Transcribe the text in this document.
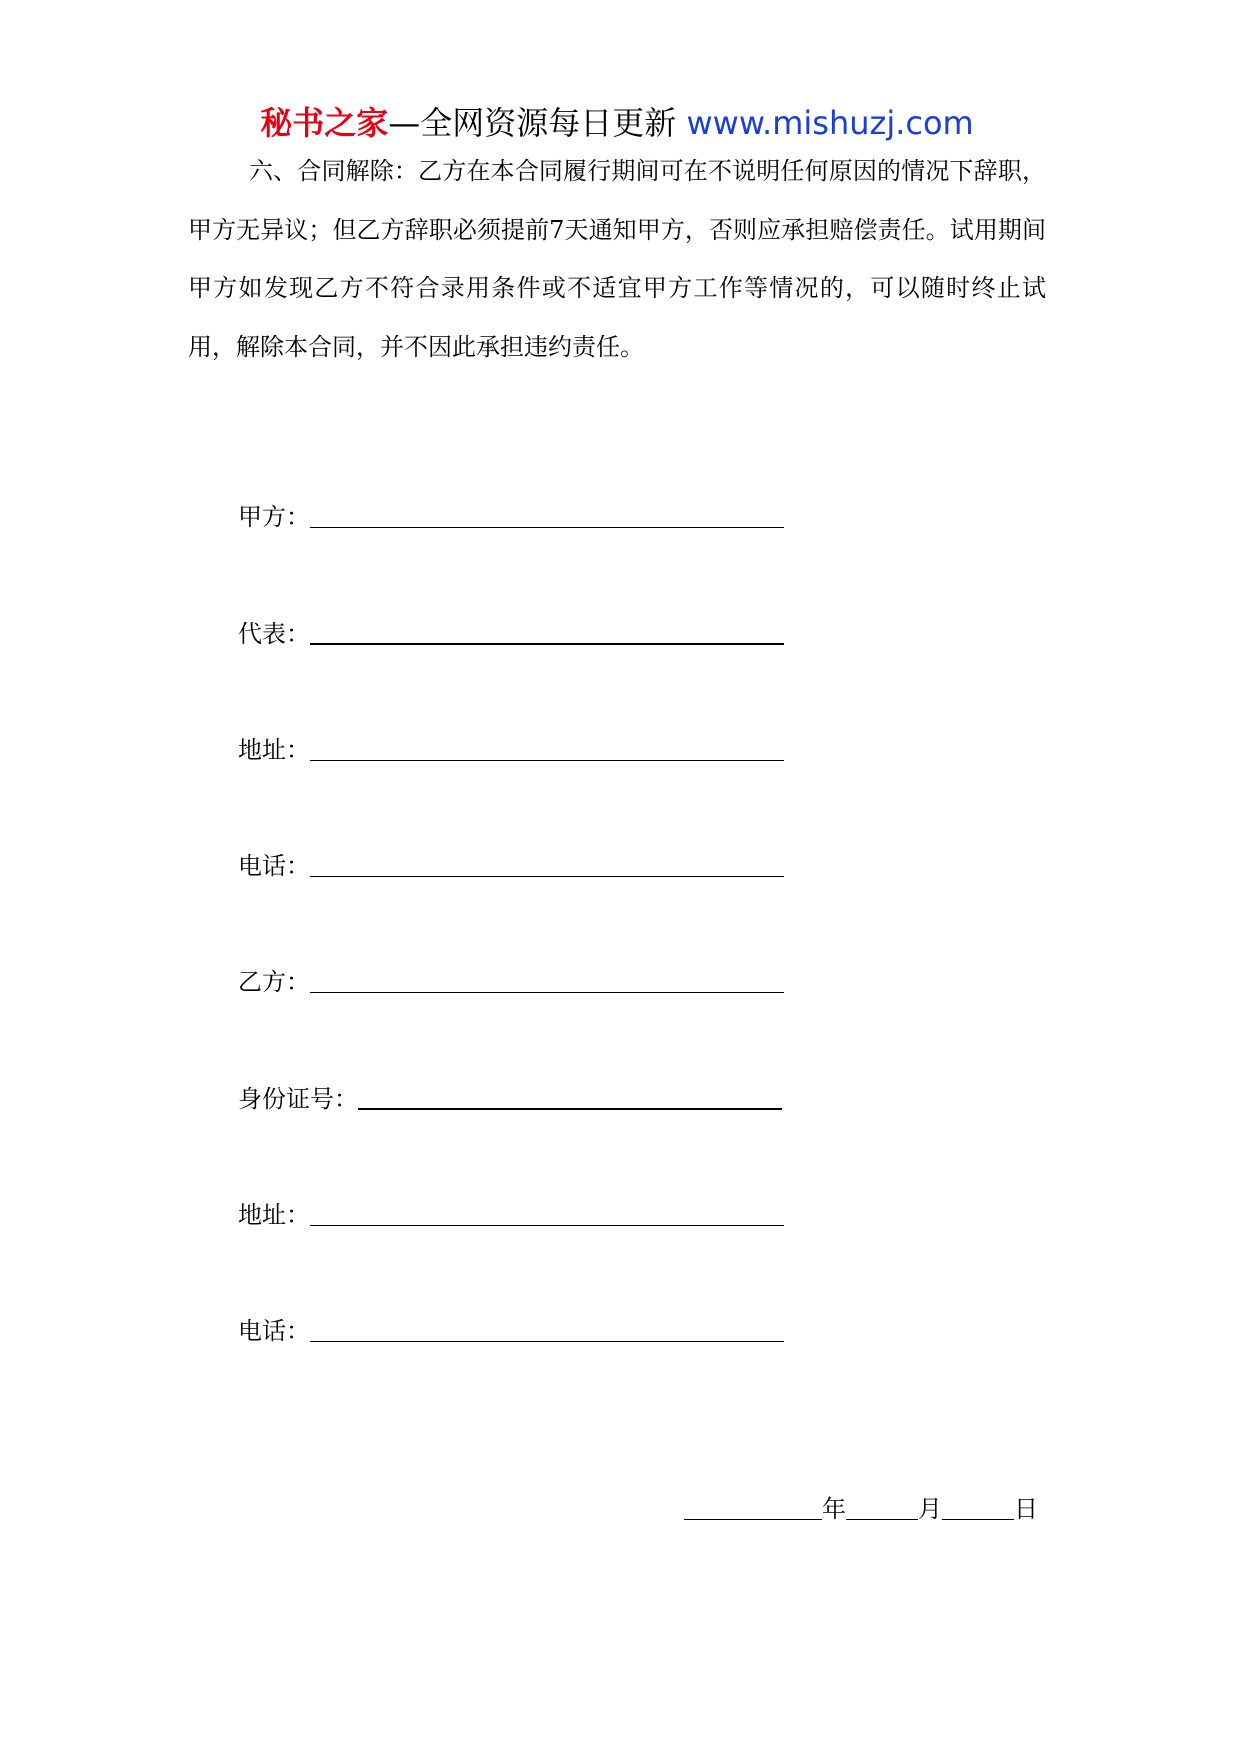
秘书之家—全网资源每日更新 www.mishuzj.com

六、合同解除：乙方在本合同履行期间可在不说明任何原因的情况下辞职，甲方无异议；但乙方辞职必须提前7天通知甲方，否则应承担赔偿责任。试用期间甲方如发现乙方不符合录用条件或不适宜甲方工作等情况的，可以随时终止试用，解除本合同，并不因此承担违约责任。

甲方：
代表：
地址：
电话：
乙方：
身份证号：
地址：
电话：
年	月	日
